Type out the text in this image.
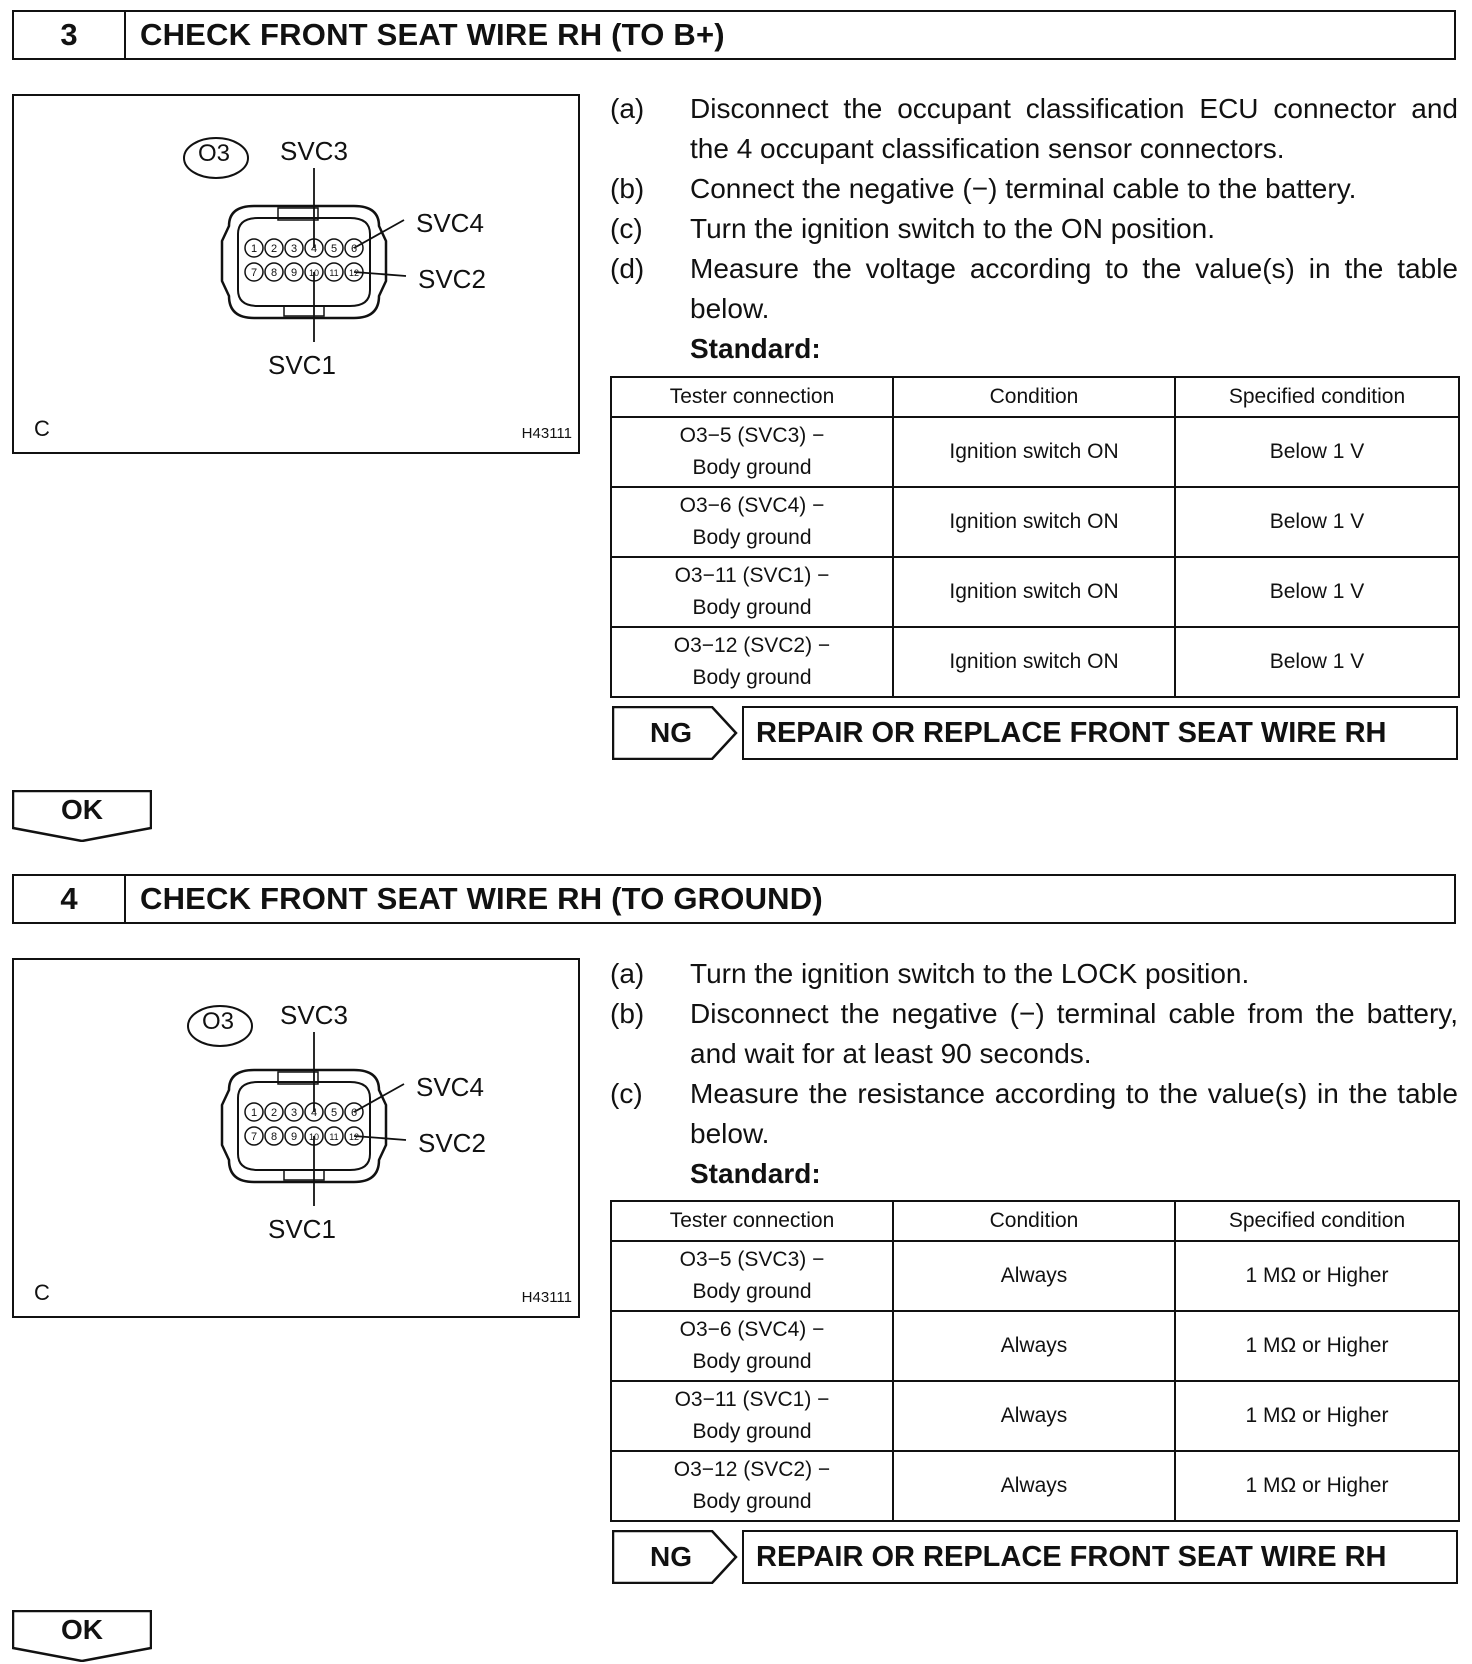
3	CHECK FRONT SEAT WIRE RH (TO B+)
1 2 3 4 5 6
7 8 9 10 11 12
O3 SVC3
SVC4
SVC2
SVC1
C	H43111
(a)	Disconnect the occupant classification ECU connector and the 4 occupant classification sensor connectors.
(b)	Connect the negative (−) terminal cable to the battery.
(c)	Turn the ignition switch to the ON position.
(d)	Measure the voltage according to the value(s) in the table below.
Standard:
Tester connection	Condition	Specified condition

O3−5 (SVC3) −
Body ground	Ignition switch ON	Below 1 V

O3−6 (SVC4) −
Body ground	Ignition switch ON	Below 1 V

O3−11 (SVC1) −
Body ground	Ignition switch ON	Below 1 V

O3−12 (SVC2) −
Body ground	Ignition switch ON	Below 1 V
NG	REPAIR OR REPLACE FRONT SEAT WIRE RH
OK
4	CHECK FRONT SEAT WIRE RH (TO GROUND)
1 2 3 4 5 6
7 8 9 10 11 12
O3 SVC3
SVC4
SVC2
SVC1
C	H43111
(a)	Turn the ignition switch to the LOCK position.
(b)	Disconnect the negative (−) terminal cable from the battery, and wait for at least 90 seconds.
(c)	Measure the resistance according to the value(s) in the table below.
Standard:
Tester connection	Condition	Specified condition

O3−5 (SVC3) −
Body ground	Always	1 MΩ or Higher

O3−6 (SVC4) −
Body ground	Always	1 MΩ or Higher

O3−11 (SVC1) −
Body ground	Always	1 MΩ or Higher

O3−12 (SVC2) −
Body ground	Always	1 MΩ or Higher
NG	REPAIR OR REPLACE FRONT SEAT WIRE RH
OK
